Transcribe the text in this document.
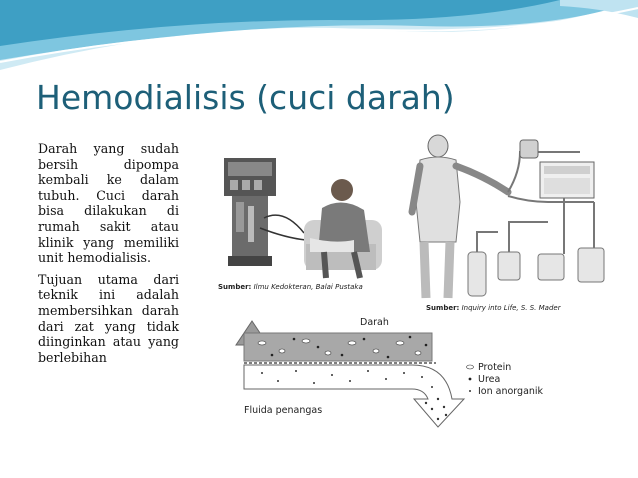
Hemodialisis (cuci darah)

Darah yang sudah bersih dipompa kembali ke dalam tubuh. Cuci darah bisa dilakukan di rumah sakit atau klinik yang memiliki unit hemodialisis.

Tujuan utama dari teknik ini adalah membersihkan darah dari zat yang tidak diinginkan atau yang berlebihan

Sumber: Ilmu Kedokteran, Balai Pustaka
Sumber: Inquiry into Life, S. S. Mader
Darah
Fluida penangas
Protein
Urea
Ion anorganik
